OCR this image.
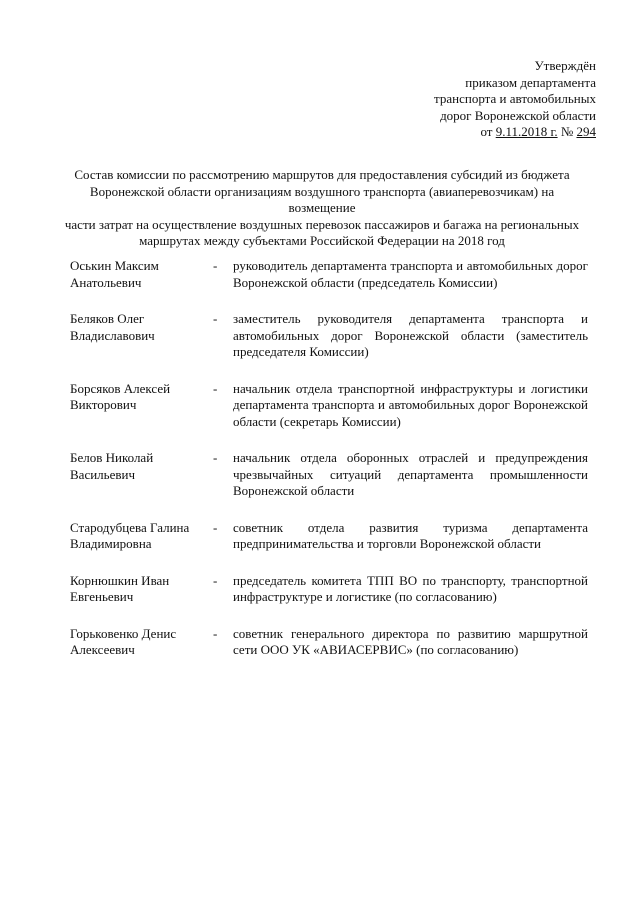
Утверждён
приказом департамента
транспорта и автомобильных
дорог Воронежской области
от 9.11.2018 г. № 294
Состав комиссии по рассмотрению маршрутов для предоставления субсидий из бюджета
Воронежской области организациям воздушного транспорта (авиаперевозчикам) на возмещение
части затрат на осуществление воздушных перевозок пассажиров и багажа на региональных
маршрутах между субъектами Российской Федерации на 2018 год
Оськин Максим
Анатольевич
-	руководитель департамента транспорта и автомобильных дорог Воронежской области (председатель Комиссии)
Беляков Олег
Владиславович
-	заместитель руководителя департамента транспорта и автомобильных дорог Воронежской области (заместитель председателя Комиссии)
Борсяков Алексей
Викторович
-	начальник отдела транспортной инфраструктуры и логистики департамента транспорта и автомобильных дорог Воронежской области (секретарь Комиссии)
Белов Николай
Васильевич
-	начальник отдела оборонных отраслей и предупреждения чрезвычайных ситуаций департамента промышленности Воронежской области
Стародубцева Галина
Владимировна
-	советник отдела развития туризма департамента предпринимательства и торговли Воронежской области
Корнюшкин Иван
Евгеньевич
-	председатель комитета ТПП ВО по транспорту, транспортной инфраструктуре и логистике (по согласованию)
Горьковенко Денис
Алексеевич
-	советник генерального директора по развитию маршрутной сети ООО УК «АВИАСЕРВИС» (по согласованию)
